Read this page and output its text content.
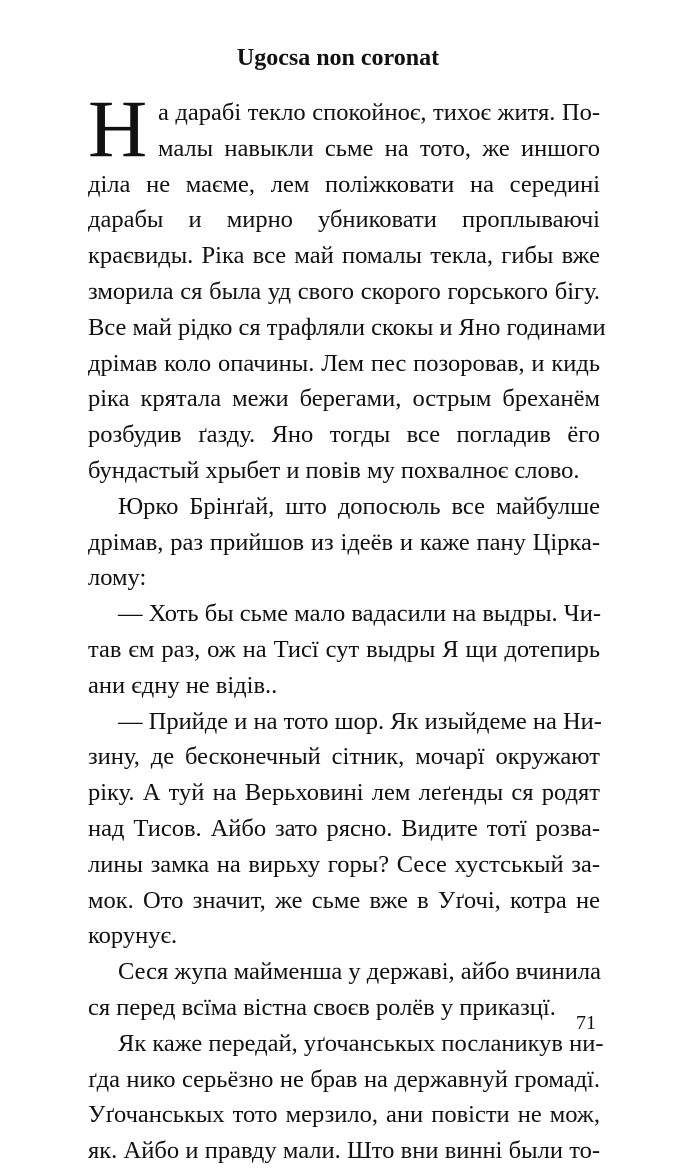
Ugocsa non coronat
Н а дарабі текло спокойноє, тихоє житя. По-
малы навыкли сьме на тото, же иншого
діла не маєме, лем поліжковати на середині
дарабы и мирно убниковати проплываючі
краєвиды. Ріка все май помалы текла, гибы вже
зморила ся была уд свого скорого горського бігу.
Все май рідко ся трафляли скокы и Яно годинами
дрімав коло опачины. Лем пес позоровав, и кидь
ріка крятала межи берегами, острым бреханём
розбудив ґазду. Яно тогды все погладив ёго
бундастый хрыбет и повів му похвалноє слово.
Юрко Брінґай, што допосюль все майбулше
дрімав, раз прийшов из ідеёв и каже пану Цірка-
лому:
— Хоть бы сьме мало вадасили на выдры. Чи-
тав єм раз, ож на Тисї сут выдры Я щи дотепирь
ани єдну не відів..
— Прийде и на тото шор. Як изыйдеме на Ни-
зину, де бесконечный сітник, мочарї окружают
ріку. А туй на Верьховині лем леґенды ся родят
над Тисов. Айбо зато рясно. Видите тотї розва-
лины замка на вирьху горы? Сесе хустськый за-
мок. Ото значит, же сьме вже в Уґочі, котра не
корунує.
Сеся жупа майменша у державі, айбо вчинила
ся перед всїма вістна своєв ролёв у приказцї.
Як каже передай, уґочанськых посланикув ни-
ґда нико серьёзно не брав на державнуй громадї.
Уґочанськых тото мерзило, ани повісти не мож,
як. Айбо и правду мали. Што вни винні были то-
71
